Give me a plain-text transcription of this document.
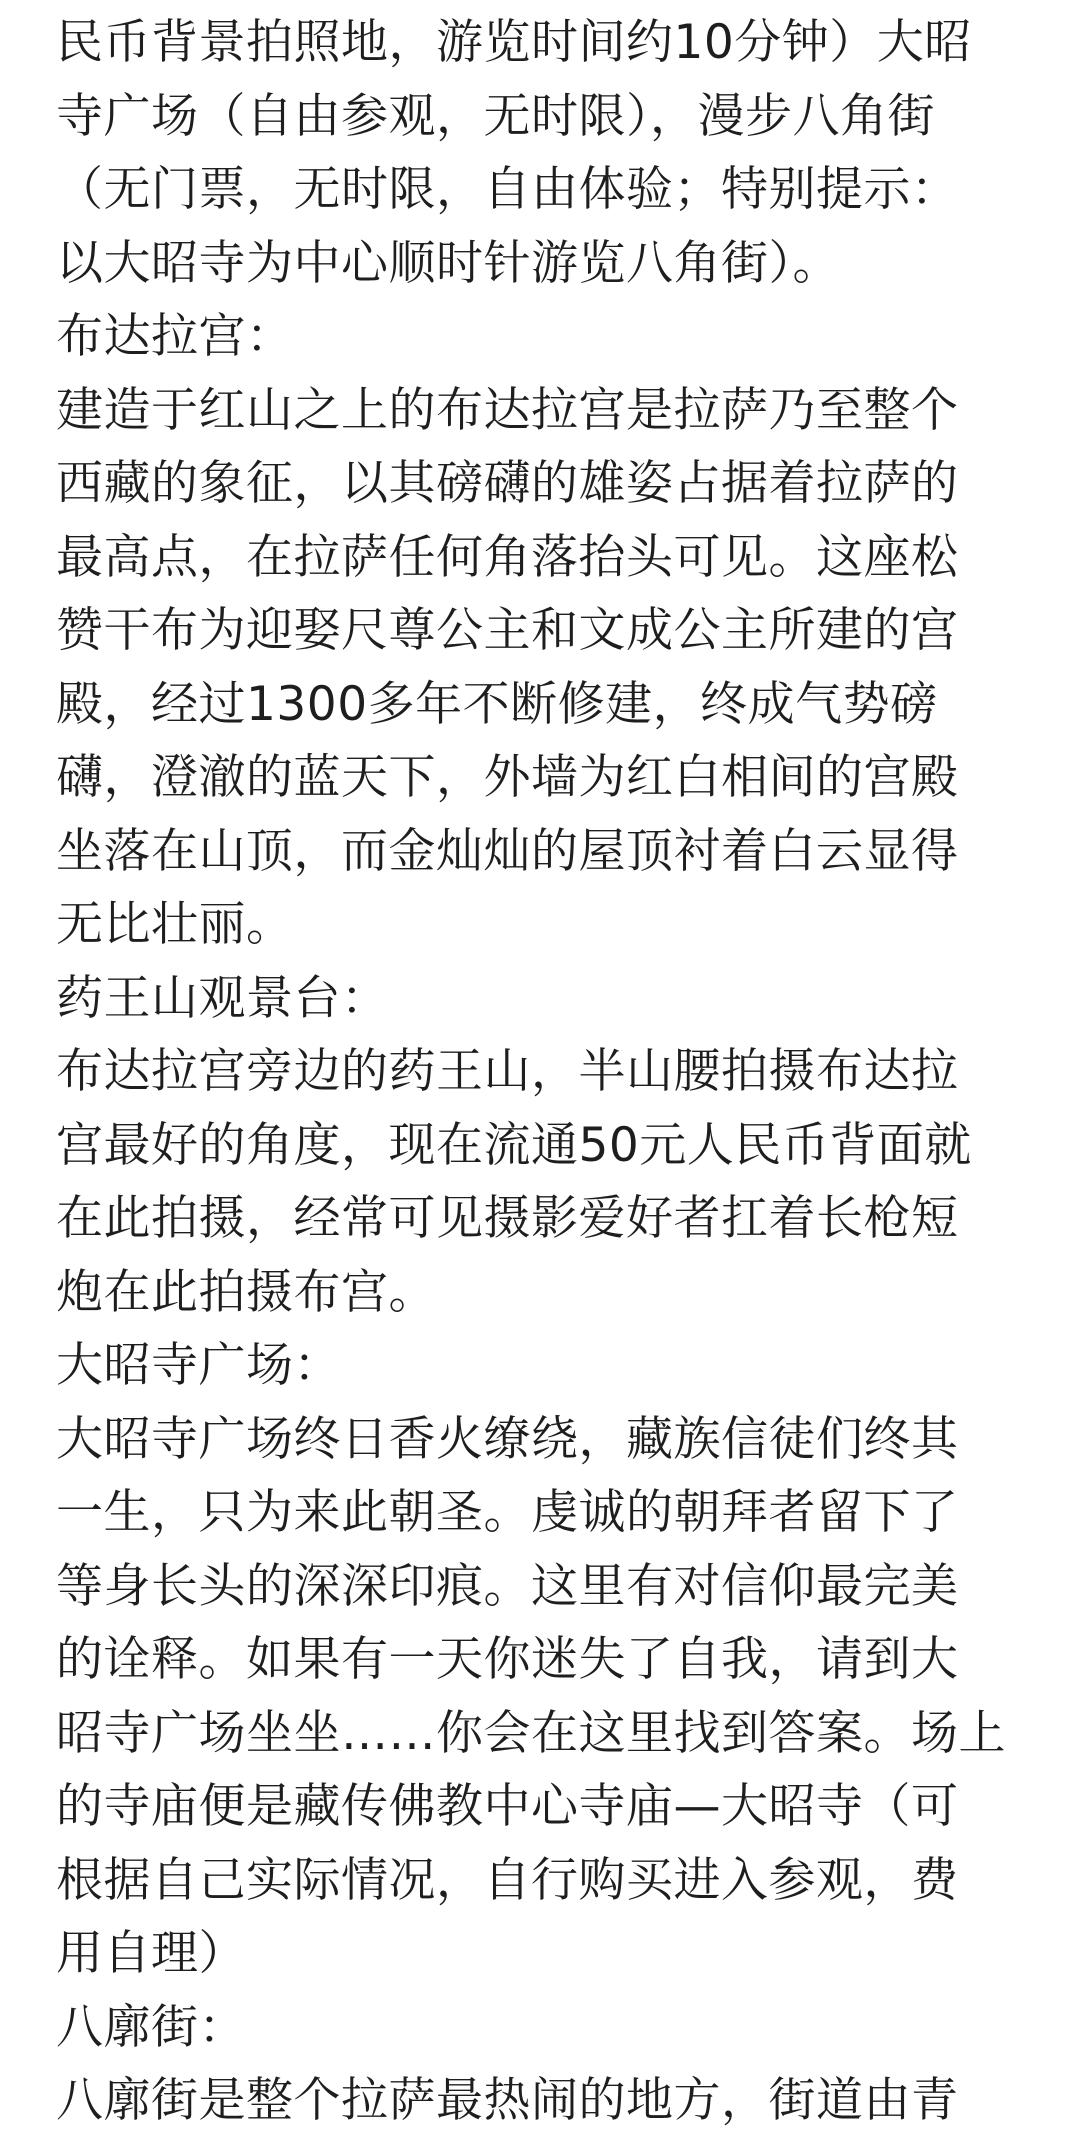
民币背景拍照地，游览时间约10分钟）大昭
寺广场（自由参观，无时限），漫步八角街
（无门票，无时限，自由体验；特别提示：
以大昭寺为中心顺时针游览八角街）。
布达拉宫：
建造于红山之上的布达拉宫是拉萨乃至整个
西藏的象征，以其磅礴的雄姿占据着拉萨的
最高点，在拉萨任何角落抬头可见。这座松
赞干布为迎娶尺尊公主和文成公主所建的宫
殿，经过1300多年不断修建，终成气势磅
礴，澄澈的蓝天下，外墙为红白相间的宫殿
坐落在山顶，而金灿灿的屋顶衬着白云显得
无比壮丽。
药王山观景台：
布达拉宫旁边的药王山，半山腰拍摄布达拉
宫最好的角度，现在流通50元人民币背面就
在此拍摄，经常可见摄影爱好者扛着长枪短
炮在此拍摄布宫。
大昭寺广场：
大昭寺广场终日香火缭绕，藏族信徒们终其
一生，只为来此朝圣。虔诚的朝拜者留下了
等身长头的深深印痕。这里有对信仰最完美
的诠释。如果有一天你迷失了自我，请到大
昭寺广场坐坐……你会在这里找到答案。场上
的寺庙便是藏传佛教中心寺庙—大昭寺（可
根据自己实际情况，自行购买进入参观，费
用自理）
八廓街：
八廓街是整个拉萨最热闹的地方，街道由青
